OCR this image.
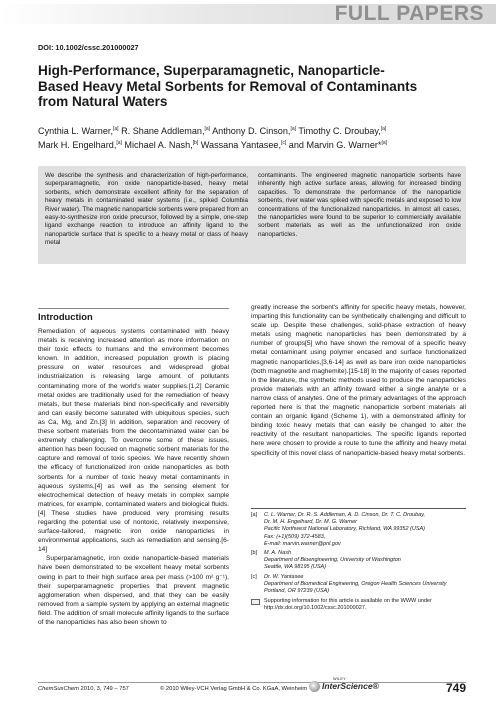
FULL PAPERS
DOI: 10.1002/cssc.201000027
High-Performance, Superparamagnetic, Nanoparticle-
Based Heavy Metal Sorbents for Removal of Contaminants
from Natural Waters
Cynthia L. Warner,[a] R. Shane Addleman,[a] Anthony D. Cinson,[a] Timothy C. Droubay,[a]
Mark H. Engelhard,[a] Michael A. Nash,[b] Wassana Yantasee,[c] and Marvin G. Warner*[a]
We describe the synthesis and characterization of high-performance, superparamagnetic, iron oxide nanoparticle-based, heavy metal sorbents, which demonstrate excellent affinity for the separation of heavy metals in contaminated water systems (i.e., spiked Columbia River water). The magnetic nanoparticle sorbents were prepared from an easy-to-synthesize iron oxide precursor, followed by a simple, one-step ligand exchange reaction to introduce an affinity ligand to the nanoparticle surface that is specific to a heavy metal or class of heavy metal
contaminants. The engineered magnetic nanoparticle sorbents have inherently high active surface areas, allowing for increased binding capacities. To demonstrate the performance of the nanoparticle sorbents, river water was spiked with specific metals and exposed to low concentrations of the functionalized nanoparticles. In almost all cases, the nanoparticles were found to be superior to commercially available sorbent materials as well as the unfunctionalized iron oxide nanoparticles.
Introduction

Remediation of aqueous systems contaminated with heavy metals is receiving increased attention as more information on their toxic effects to humans and the environment becomes known. In addition, increased population growth is placing pressure on water resources and widespread global industrialization is releasing large amount of pollutants contaminating more of the world's water supplies.[1,2] Ceramic metal oxides are traditionally used for the remediation of heavy metals, but these materials bind non-specifically and reversibly and can easily become saturated with ubiquitous species, such as Ca, Mg, and Zn.[3] In addition, separation and recovery of these sorbent materials from the decontaminated water can be extremely challenging. To overcome some of these issues, attention has been focused on magnetic sorbent materials for the capture and removal of toxic species. We have recently shown the efficacy of functionalized iron oxide nanoparticles as both sorbents for a number of toxic heavy metal contaminants in aqueous systems,[4] as well as the sensing element for electrochemical detection of heavy metals in complex sample matrices, for example, contaminated waters and biological fluids.[4] These studies have produced very promising results regarding the potential use of nontoxic, relatively inexpensive, surface-tailored, magnetic iron oxide nanoparticles in environmental applications, such as remediation and sensing.[6-14]

Superparamagnetic, iron oxide nanoparticle-based materials have been demonstrated to be excellent heavy metal sorbents owing in part to their high surface area per mass (>100 m² g⁻¹), their superparamagnetic properties that prevent magnetic agglomeration when dispersed, and that they can be easily removed from a sample system by applying an external magnetic field. The addition of small molecule affinity ligands to the surface of the nanoparticles has also been shown to

greatly increase the sorbent's affinity for specific heavy metals, however, imparting this functionality can be synthetically challenging and difficult to scale up. Despite these challenges, solid-phase extraction of heavy metals using magnetic nanoparticles has been demonstrated by a number of groups[5] who have shown the removal of a specific heavy metal contaminant using polymer encased and surface functionalized magnetic nanoparticles,[3,6-14] as well as bare iron oxide nanoparticles (both magnetite and maghemite).[15-18] In the majority of cases reported in the literature, the synthetic methods used to produce the nanoparticles provide materials with an affinity toward either a single analyte or a narrow class of analytes. One of the primary advantages of the approach reported here is that the magnetic nanoparticle sorbent materials all contain an organic ligand (Scheme 1), with a demonstrated affinity for binding toxic heavy metals that can easily be changed to alter the reactivity of the resultant nanoparticles. The specific ligands reported here were chosen to provide a route to tune the affinity and heavy metal specificity of this novel class of nanoparticle-based heavy metal sorbents.

[a]	C. L. Warner, Dr. R. S. Addleman, A. D. Cinson, Dr. T. C. Droubay,
Dr. M. H. Engelhard, Dr. M. G. Warner
Pacific Northwest National Laboratory, Richland, WA 99352 (USA)
Fax: (+1)(509) 372-4583,
E-mail: marvin.warner@pnl.gov
[b]	M. A. Nash
Department of Bioengineering, University of Washington
Seattle, WA 98195 (USA)
[c]	Dr. W. Yantasee
Department of Biomedical Engineering, Oregon Health Sciences University
Portland, OR 97239 (USA)
Supporting information for this article is available on the WWW under http://dx.doi.org/10.1002/cssc.201000027.
ChemSusChem 2010, 3, 749 – 757	© 2010 Wiley-VCH Verlag GmbH & Co. KGaA, Weinheim
WILEY
InterScience®	749
